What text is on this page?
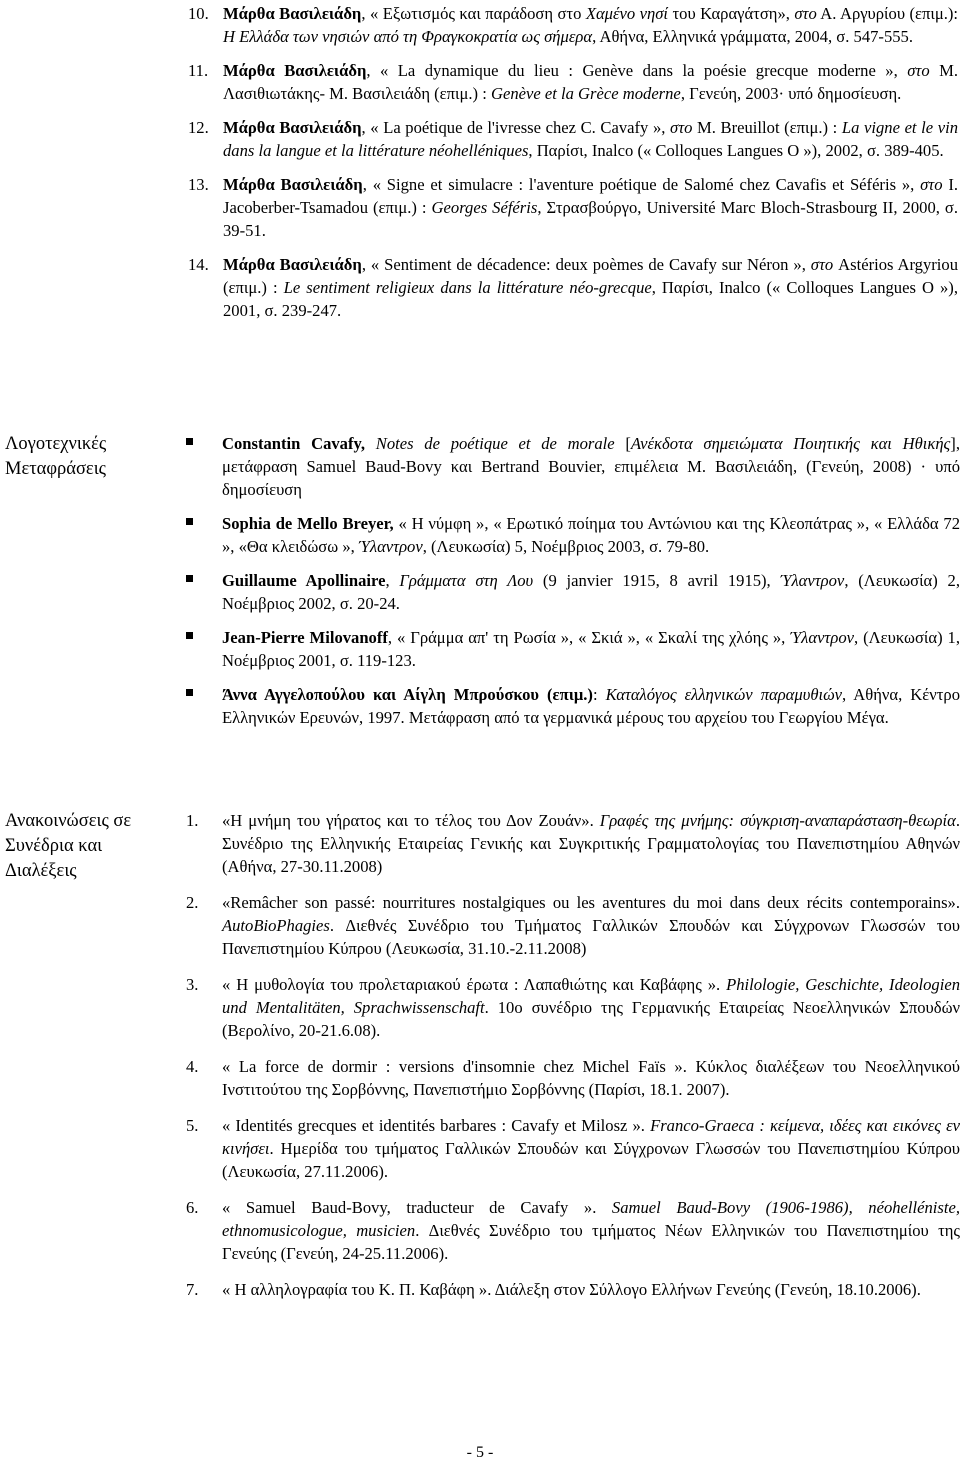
10. Μάρθα Βασιλειάδη, « Εξωτισμός και παράδοση στο Χαμένο νησί του Καραγάτση», στο Α. Αργυρίου (επιμ.): Η Ελλάδα των νησιών από τη Φραγκοκρατία ως σήμερα, Αθήνα, Ελληνικά γράμματα, 2004, σ. 547-555.
11. Μάρθα Βασιλειάδη, « La dynamique du lieu : Genève dans la poésie grecque moderne », στο Μ. Λασιθιωτάκης- Μ. Βασιλειάδη (επιμ.) : Genève et la Grèce moderne, Γενεύη, 2003· υπό δημοσίευση.
12. Μάρθα Βασιλειάδη, « La poétique de l'ivresse chez C. Cavafy », στο Μ. Breuillot (επιμ.) : La vigne et le vin dans la langue et la littérature néohelléniques, Παρίσι, Inalco (« Colloques Langues O »), 2002, σ. 389-405.
13. Μάρθα Βασιλειάδη, « Signe et simulacre : l'aventure poétique de Salomé chez Cavafis et Séféris », στο I. Jacoberber-Tsamadou (επιμ.) : Georges Séféris, Στρασβούργο, Université Marc Bloch-Strasbourg II, 2000, σ. 39-51.
14. Μάρθα Βασιλειάδη, « Sentiment de décadence: deux poèmes de Cavafy sur Néron », στο Astérios Argyriou (επιμ.) : Le sentiment religieux dans la littérature néo-grecque, Παρίσι, Inalco (« Colloques Langues O »), 2001, σ. 239-247.
Λογοτεχνικές
Μεταφράσεις
Constantin Cavafy, Notes de poétique et de morale [Ανέκδοτα σημειώματα Ποιητικής και Ηθικής], μετάφραση Samuel Baud-Bovy και Bertrand Bouvier, επιμέλεια Μ. Βασιλειάδη, (Γενεύη, 2008) · υπό δημοσίευση
Sophia de Mello Breyer, « Η νύμφη », « Ερωτικό ποίημα του Αντώνιου και της Κλεοπάτρας », « Ελλάδα 72 », «Θα κλειδώσω », Ύλαντρον, (Λευκωσία) 5, Νοέμβριος 2003, σ. 79-80.
Guillaume Apollinaire, Γράμματα στη Λου (9 janvier 1915, 8 avril 1915), Ύλαντρον, (Λευκωσία) 2, Νοέμβριος 2002, σ. 20-24.
Jean-Pierre Milovanoff, « Γράμμα απ' τη Ρωσία », « Σκιά », « Σκαλί της χλόης », Ύλαντρον, (Λευκωσία) 1, Νοέμβριος 2001, σ. 119-123.
Άννα Αγγελοπούλου και Αίγλη Μπρούσκου (επιμ.): Καταλόγος ελληνικών παραμυθιών, Αθήνα, Κέντρο Ελληνικών Ερευνών, 1997. Μετάφραση από τα γερμανικά μέρους του αρχείου του Γεωργίου Μέγα.
Ανακοινώσεις σε
Συνέδρια και
Διαλέξεις
1. «Η μνήμη του γήρατος και το τέλος του Δον Ζουάν». Γραφές της μνήμης: σύγκριση-αναπαράσταση-θεωρία. Συνέδριο της Ελληνικής Εταιρείας Γενικής και Συγκριτικής Γραμματολογίας του Πανεπιστημίου Αθηνών (Αθήνα, 27-30.11.2008)
2. «Remâcher son passé: nourritures nostalgiques ou les aventures du moi dans deux récits contemporains». AutoBioPhagies. Διεθνές Συνέδριο του Τμήματος Γαλλικών Σπουδών και Σύγχρονων Γλωσσών του Πανεπιστημίου Κύπρου (Λευκωσία, 31.10.-2.11.2008)
3. « Η μυθολογία του προλεταριακού έρωτα : Λαπαθιώτης και Καβάφης ». Philologie, Geschichte, Ideologien und Mentalitäten, Sprachwissenschaft. 10ο συνέδριο της Γερμανικής Εταιρείας Νεοελληνικών Σπουδών (Βερολίνο, 20-21.6.08).
4. « La force de dormir : versions d'insomnie chez Michel Faïs ». Κύκλος διαλέξεων του Νεοελληνικού Ινστιτούτου της Σορβόννης, Πανεπιστήμιο Σορβόννης (Παρίσι, 18.1. 2007).
5. « Identités grecques et identités barbares : Cavafy et Milosz ». Franco-Graeca : κείμενα, ιδέες και εικόνες εν κινήσει. Ημερίδα του τμήματος Γαλλικών Σπουδών και Σύγχρονων Γλωσσών του Πανεπιστημίου Κύπρου (Λευκωσία, 27.11.2006).
6. « Samuel Baud-Bovy, traducteur de Cavafy ». Samuel Baud-Bovy (1906-1986), néohelléniste, ethnomusicologue, musicien. Διεθνές Συνέδριο του τμήματος Νέων Ελληνικών του Πανεπιστημίου της Γενεύης (Γενεύη, 24-25.11.2006).
7. « Η αλληλογραφία του Κ. Π. Καβάφη ». Διάλεξη στον Σύλλογο Ελλήνων Γενεύης (Γενεύη, 18.10.2006).
- 5 -
